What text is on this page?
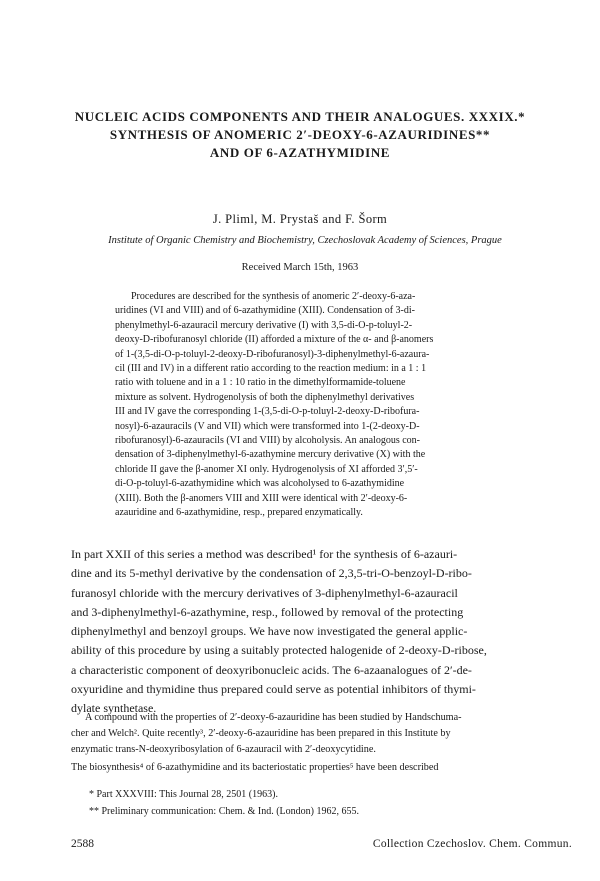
NUCLEIC ACIDS COMPONENTS AND THEIR ANALOGUES. XXXIX.*
SYNTHESIS OF ANOMERIC 2′-DEOXY-6-AZAURIDINES**
AND OF 6-AZATHYMIDINE
J. Pliml, M. Prystaš and F. Šorm
Institute of Organic Chemistry and Biochemistry, Czechoslovak Academy of Sciences, Prague
Received March 15th, 1963
Procedures are described for the synthesis of anomeric 2′-deoxy-6-aza-
uridines (VI and VIII) and of 6-azathymidine (XIII). Condensation of 3-di-
phenylmethyl-6-azauracil mercury derivative (I) with 3,5-di-O-p-toluyl-2-
deoxy-D-ribofuranosyl chloride (II) afforded a mixture of the α- and β-anomers
of 1-(3,5-di-O-p-toluyl-2-deoxy-D-ribofuranosyl)-3-diphenylmethyl-6-azaura-
cil (III and IV) in a different ratio according to the reaction medium: in a 1 : 1
ratio with toluene and in a 1 : 10 ratio in the dimethylformamide-toluene
mixture as solvent. Hydrogenolysis of both the diphenylmethyl derivatives
III and IV gave the corresponding 1-(3,5-di-O-p-toluyl-2-deoxy-D-ribofura-
nosyl)-6-azauracils (V and VII) which were transformed into 1-(2-deoxy-D-
ribofuranosyl)-6-azauracils (VI and VIII) by alcoholysis. An analogous con-
densation of 3-diphenylmethyl-6-azathymine mercury derivative (X) with the
chloride II gave the β-anomer XI only. Hydrogenolysis of XI afforded 3′,5′-
di-O-p-toluyl-6-azathymidine which was alcoholysed to 6-azathymidine
(XIII). Both the β-anomers VIII and XIII were identical with 2′-deoxy-6-
azauridine and 6-azathymidine, resp., prepared enzymatically.
In part XXII of this series a method was described¹ for the synthesis of 6-azauri-
dine and its 5-methyl derivative by the condensation of 2,3,5-tri-O-benzoyl-D-ribo-
furanosyl chloride with the mercury derivatives of 3-diphenylmethyl-6-azauracil
and 3-diphenylmethyl-6-azathymine, resp., followed by removal of the protecting
diphenylmethyl and benzoyl groups. We have now investigated the general applic-
ability of this procedure by using a suitably protected halogenide of 2-deoxy-D-ribose,
a characteristic component of deoxyribonucleic acids. The 6-azaanalogues of 2′-de-
oxyuridine and thymidine thus prepared could serve as potential inhibitors of thymi-
dylate synthetase.
A compound with the properties of 2′-deoxy-6-azauridine has been studied by Handschuma-
cher and Welch². Quite recently³, 2′-deoxy-6-azauridine has been prepared in this Institute by
enzymatic trans-N-deoxyribosylation of 6-azauracil with 2′-deoxycytidine.
The biosynthesis⁴ of 6-azathymidine and its bacteriostatic properties⁵ have been described
* Part XXXVIII: This Journal 28, 2501 (1963).
** Preliminary communication: Chem. & Ind. (London) 1962, 655.
2588	Collection Czechoslov. Chem. Commun.
